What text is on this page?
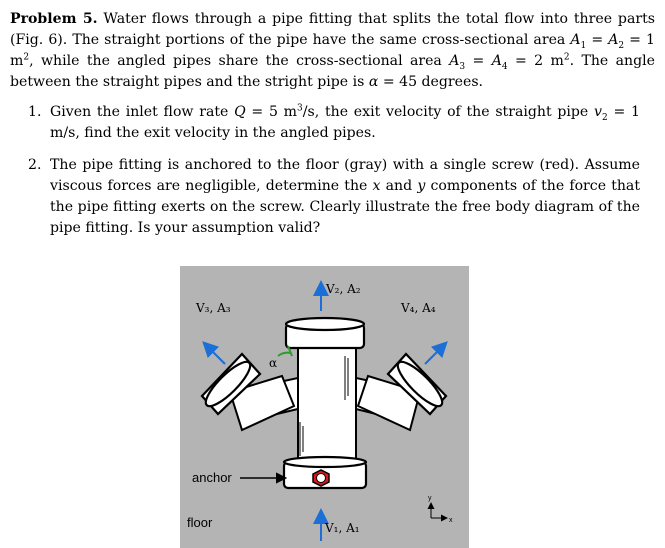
Problem 5. Water flows through a pipe fitting that splits the total flow into three parts (Fig. 6). The straight portions of the pipe have the same cross-sectional area $A_1 = A_2 = 1$ $m^2$, while the angled pipes share the cross-sectional area $A_3 = A_4 = 2$ $m^2$. The angle between the straight pipes and the stright pipe is α = 45 degrees.
1. Given the inlet flow rate Q = 5 $m^3/s$, the exit velocity of the straight pipe $v_2 = 1$ m/s, find the exit velocity in the angled pipes.
2. The pipe fitting is anchored to the floor (gray) with a single screw (red). Assume viscous forces are negligible, determine the x and y components of the force that the pipe fitting exerts on the screw. Clearly illustrate the free body diagram of the pipe fitting. Is your assumption valid?
V₂, A₂
V₃, A₃	V₄, A₄
V₁, A₁
α
anchor
floor
y
x
